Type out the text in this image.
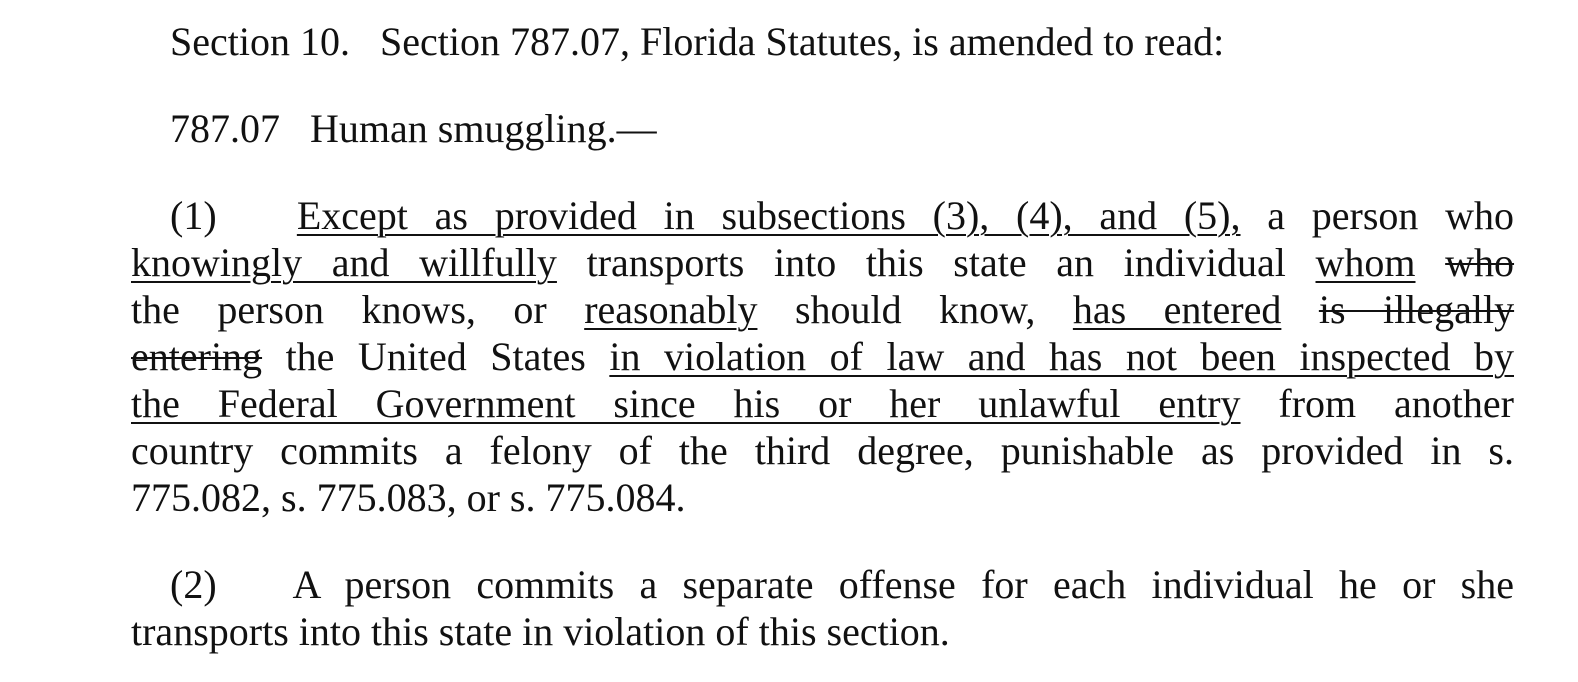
Section 10. Section 787.07, Florida Statutes, is amended to read:
787.07 Human smuggling.—
(1) Except as provided in subsections (3), (4), and (5), a person who
knowingly and willfully transports into this state an individual whom who
the person knows, or reasonably should know, has entered is illegally
entering the United States in violation of law and has not been inspected by
the Federal Government since his or her unlawful entry from another
country commits a felony of the third degree, punishable as provided in s.
775.082, s. 775.083, or s. 775.084.
(2) A person commits a separate offense for each individual he or she
transports into this state in violation of this section.
